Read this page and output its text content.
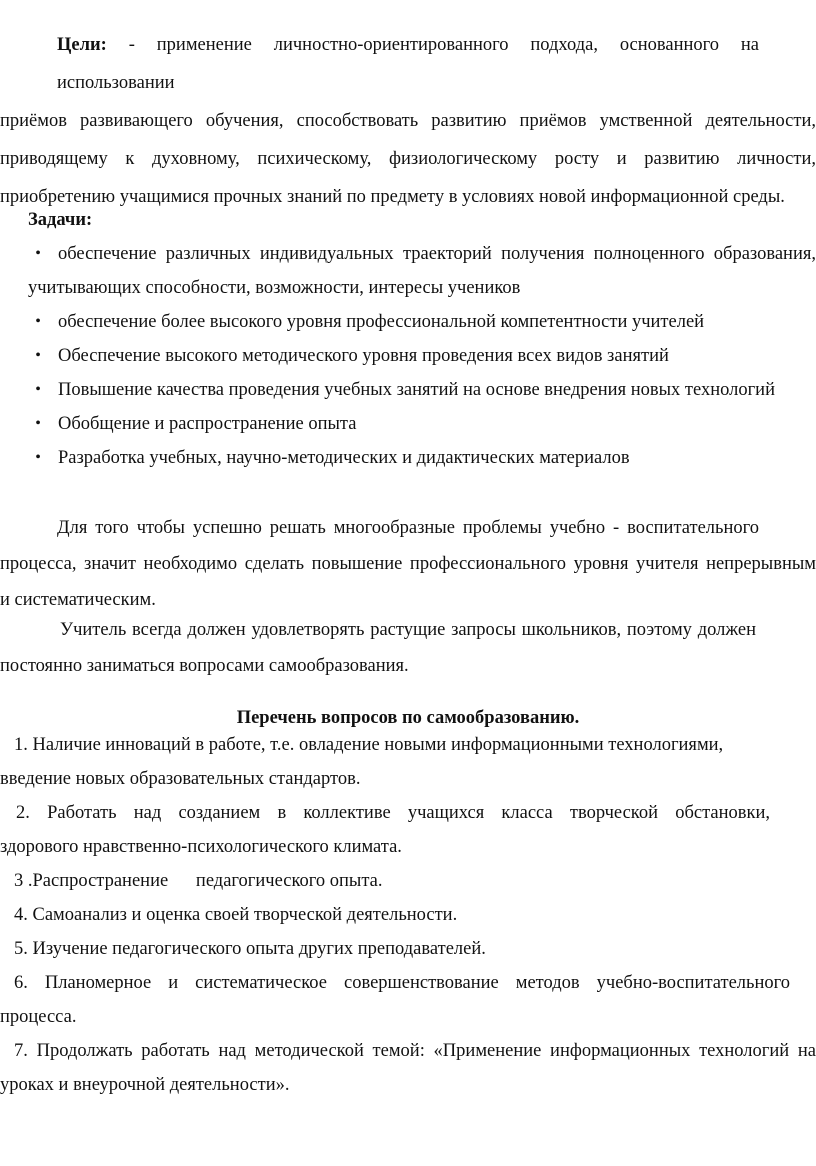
Цели: - применение личностно-ориентированного подхода, основанного на использовании
приёмов развивающего обучения, способствовать развитию приёмов умственной деятельности,
приводящему к духовному, психическому, физиологическому росту и развитию личности,
приобретению учащимися прочных знаний по предмету в условиях новой информационной среды.
Задачи:
• обеспечение различных индивидуальных траекторий получения полноценного образования,
учитывающих способности, возможности, интересы учеников
• обеспечение более высокого уровня профессиональной компетентности учителей
• Обеспечение высокого методического уровня проведения всех видов занятий
• Повышение качества проведения учебных занятий на основе внедрения новых технологий
• Обобщение и распространение опыта
• Разработка учебных, научно-методических и дидактических материалов
Для того чтобы успешно решать многообразные проблемы учебно - воспитательного
процесса, значит необходимо сделать повышение профессионального уровня учителя непрерывным
и систематическим.
Учитель всегда должен удовлетворять растущие запросы школьников, поэтому должен
постоянно заниматься вопросами самообразования.
Перечень вопросов по самообразованию.
1. Наличие инноваций в работе, т.е. овладение новыми информационными технологиями,
введение новых образовательных стандартов.
2. Работать над созданием в коллективе учащихся класса творческой обстановки,
здорового нравственно-психологического климата.
3 .Распространение      педагогического опыта.
4. Самоанализ и оценка своей творческой деятельности.
5. Изучение педагогического опыта других преподавателей.
6. Планомерное и систематическое совершенствование методов учебно-воспитательного
процесса.
7. Продолжать работать над методической темой: «Применение информационных технологий на
уроках и внеурочной деятельности».
